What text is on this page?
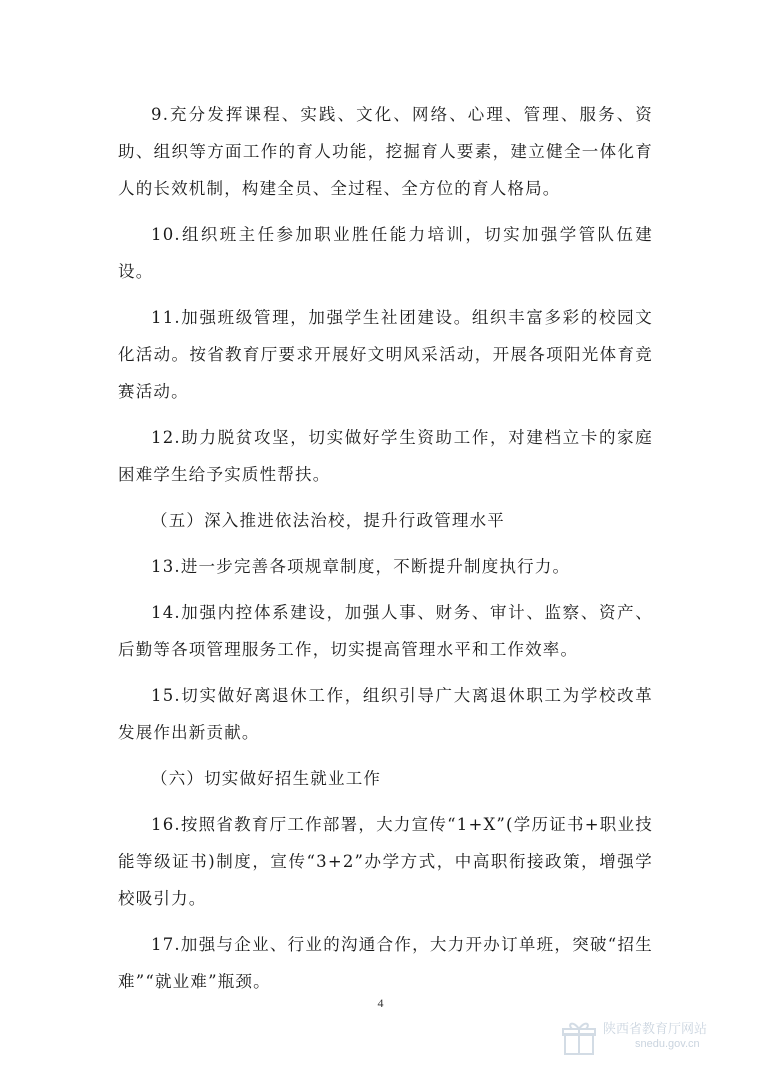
9.充分发挥课程、实践、文化、网络、心理、管理、服务、资助、组织等方面工作的育人功能，挖掘育人要素，建立健全一体化育人的长效机制，构建全员、全过程、全方位的育人格局。

10.组织班主任参加职业胜任能力培训，切实加强学管队伍建设。

11.加强班级管理，加强学生社团建设。组织丰富多彩的校园文化活动。按省教育厅要求开展好文明风采活动，开展各项阳光体育竞赛活动。

12.助力脱贫攻坚，切实做好学生资助工作，对建档立卡的家庭困难学生给予实质性帮扶。

（五）深入推进依法治校，提升行政管理水平

13.进一步完善各项规章制度，不断提升制度执行力。

14.加强内控体系建设，加强人事、财务、审计、监察、资产、后勤等各项管理服务工作，切实提高管理水平和工作效率。

15.切实做好离退休工作，组织引导广大离退休职工为学校改革发展作出新贡献。

（六）切实做好招生就业工作

16.按照省教育厅工作部署，大力宣传“1+X”(学历证书+职业技能等级证书)制度，宣传“3+2”办学方式，中高职衔接政策，增强学校吸引力。

17.加强与企业、行业的沟通合作，大力开办订单班，突破“招生难”“就业难”瓶颈。

4
陕西省教育厅网站
snedu.gov.cn
